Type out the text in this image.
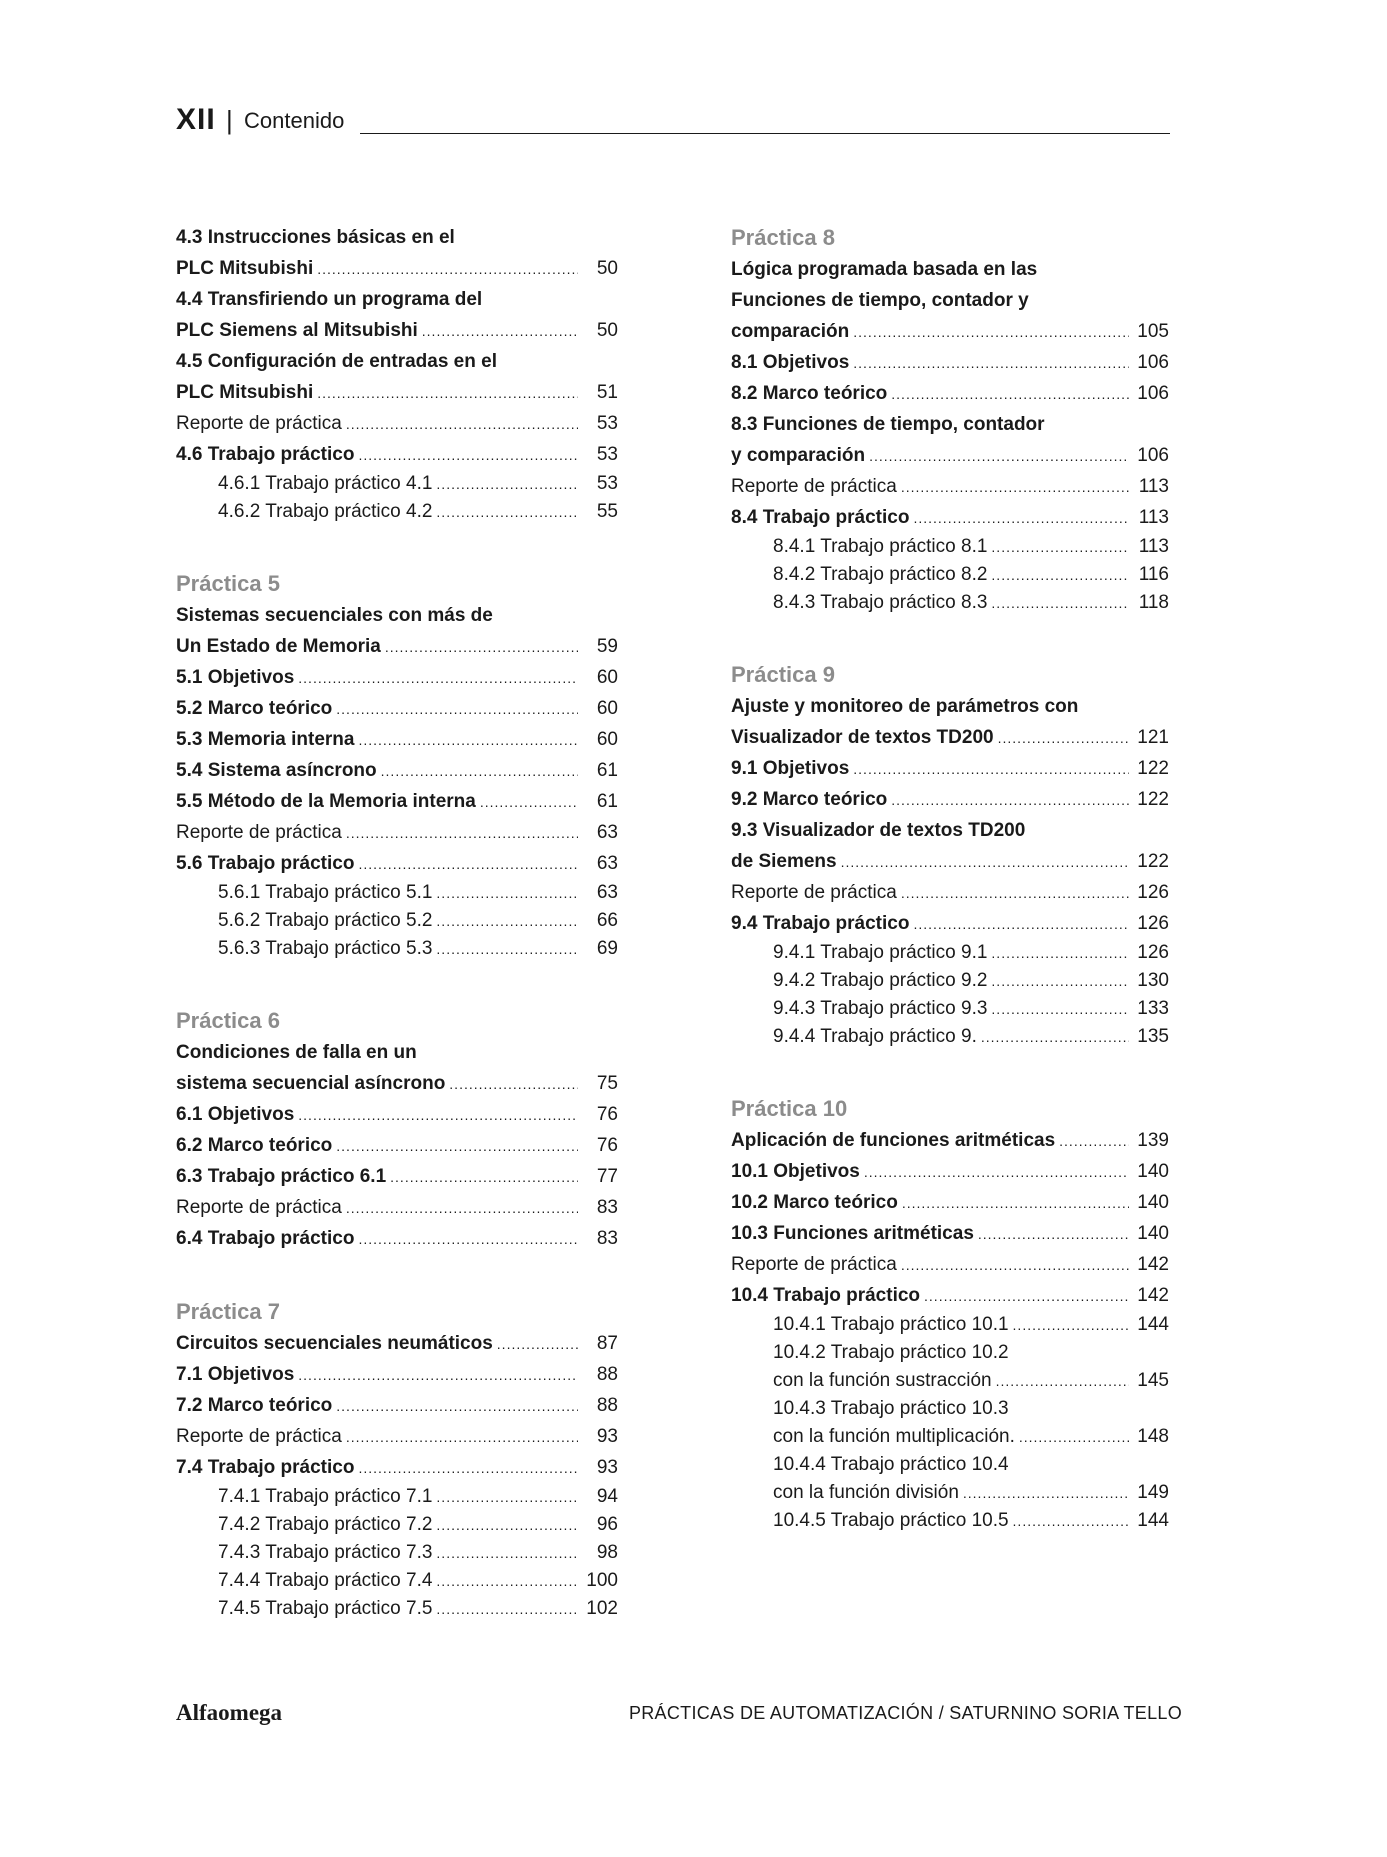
XII | Contenido
4.3 Instrucciones básicas en el
PLC Mitsubishi .....	50
4.4 Transfiriendo un programa del
PLC Siemens al Mitsubishi .....	50
4.5 Configuración de entradas en el
PLC Mitsubishi .....	51
Reporte de práctica .....	53
4.6 Trabajo práctico .....	53
4.6.1 Trabajo práctico 4.1 .....	53
4.6.2 Trabajo práctico 4.2 .....	55
Práctica 5
Sistemas secuenciales con más de
Un Estado de Memoria .....	59
5.1 Objetivos .....	60
5.2 Marco teórico .....	60
5.3 Memoria interna .....	60
5.4 Sistema asíncrono .....	61
5.5 Método de la Memoria interna .....	61
Reporte de práctica .....	63
5.6 Trabajo práctico .....	63
5.6.1 Trabajo práctico 5.1 .....	63
5.6.2 Trabajo práctico 5.2 .....	66
5.6.3 Trabajo práctico 5.3 .....	69
Práctica 6
Condiciones de falla en un
sistema secuencial asíncrono .....	75
6.1 Objetivos .....	76
6.2 Marco teórico .....	76
6.3 Trabajo práctico 6.1 .....	77
Reporte de práctica .....	83
6.4 Trabajo práctico .....	83
Práctica 7
Circuitos secuenciales neumáticos .....	87
7.1 Objetivos .....	88
7.2 Marco teórico .....	88
Reporte de práctica .....	93
7.4 Trabajo práctico .....	93
7.4.1 Trabajo práctico 7.1 .....	94
7.4.2 Trabajo práctico 7.2 .....	96
7.4.3 Trabajo práctico 7.3 .....	98
7.4.4 Trabajo práctico 7.4 .....	100
7.4.5 Trabajo práctico 7.5 .....	102
Práctica 8
Lógica programada basada en las
Funciones de tiempo, contador y
comparación .....	105
8.1 Objetivos .....	106
8.2 Marco teórico .....	106
8.3 Funciones de tiempo, contador
y comparación .....	106
Reporte de práctica .....	113
8.4 Trabajo práctico .....	113
8.4.1 Trabajo práctico 8.1 .....	113
8.4.2 Trabajo práctico 8.2 .....	116
8.4.3 Trabajo práctico 8.3 .....	118
Práctica 9
Ajuste y monitoreo de parámetros con
Visualizador de textos TD200 .....	121
9.1 Objetivos .....	122
9.2 Marco teórico .....	122
9.3 Visualizador de textos TD200
de Siemens .....	122
Reporte de práctica .....	126
9.4 Trabajo práctico .....	126
9.4.1 Trabajo práctico 9.1 .....	126
9.4.2 Trabajo práctico 9.2 .....	130
9.4.3 Trabajo práctico 9.3 .....	133
9.4.4 Trabajo práctico 9. .....	135
Práctica 10
Aplicación de funciones aritméticas .....	139
10.1 Objetivos .....	140
10.2 Marco teórico .....	140
10.3 Funciones aritméticas .....	140
Reporte de práctica .....	142
10.4 Trabajo práctico .....	142
10.4.1 Trabajo práctico 10.1 .....	144
10.4.2 Trabajo práctico 10.2
con la función sustracción .....	145
10.4.3 Trabajo práctico 10.3
con la función multiplicación. .....	148
10.4.4 Trabajo práctico 10.4
con la función división .....	149
10.4.5 Trabajo práctico 10.5 .....	144
Alfaomega	PRÁCTICAS DE AUTOMATIZACIÓN / SATURNINO SORIA TELLO
